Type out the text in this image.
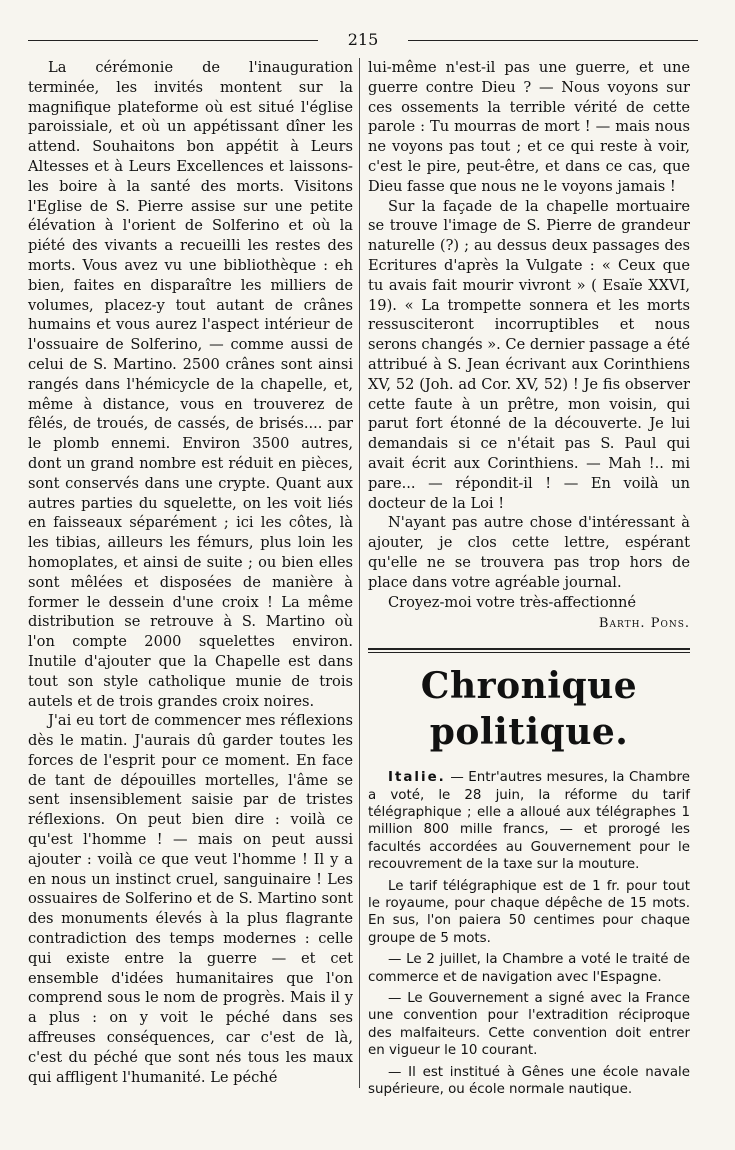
215

La cérémonie de l'inauguration terminée, les invités montent sur la magnifique plateforme où est situé l'église paroissiale, et où un appétissant dîner les attend. Souhaitons bon appétit à Leurs Altesses et à Leurs Excellences et laissons-les boire à la santé des morts. Visitons l'Eglise de S. Pierre assise sur une petite élévation à l'orient de Solferino et où la piété des vivants a recueilli les restes des morts. Vous avez vu une bibliothèque : eh bien, faites en disparaître les milliers de volumes, placez-y tout autant de crânes humains et vous aurez l'aspect intérieur de l'ossuaire de Solferino, — comme aussi de celui de S. Martino. 2500 crânes sont ainsi rangés dans l'hémicycle de la chapelle, et, même à distance, vous en trouverez de fêlés, de troués, de cassés, de brisés.... par le plomb ennemi. Environ 3500 autres, dont un grand nombre est réduit en pièces, sont conservés dans une crypte. Quant aux autres parties du squelette, on les voit liés en faisseaux séparément ; ici les côtes, là les tibias, ailleurs les fémurs, plus loin les homoplates, et ainsi de suite ; ou bien elles sont mêlées et disposées de manière à former le dessein d'une croix ! La même distribution se retrouve à S. Martino où l'on compte 2000 squelettes environ. Inutile d'ajouter que la Chapelle est dans tout son style catholique munie de trois autels et de trois grandes croix noires.

J'ai eu tort de commencer mes réflexions dès le matin. J'aurais dû garder toutes les forces de l'esprit pour ce moment. En face de tant de dépouilles mortelles, l'âme se sent insensiblement saisie par de tristes réflexions. On peut bien dire : voilà ce qu'est l'homme ! — mais on peut aussi ajouter : voilà ce que veut l'homme ! Il y a en nous un instinct cruel, sanguinaire ! Les ossuaires de Solferino et de S. Martino sont des monuments élevés à la plus flagrante contradiction des temps modernes : celle qui existe entre la guerre — et cet ensemble d'idées humanitaires que l'on comprend sous le nom de progrès. Mais il y a plus : on y voit le péché dans ses affreuses conséquences, car c'est de là, c'est du péché que sont nés tous les maux qui affligent l'humanité. Le péché

lui-même n'est-il pas une guerre, et une guerre contre Dieu ? — Nous voyons sur ces ossements la terrible vérité de cette parole : Tu mourras de mort ! — mais nous ne voyons pas tout ; et ce qui reste à voir, c'est le pire, peut-être, et dans ce cas, que Dieu fasse que nous ne le voyons jamais !

Sur la façade de la chapelle mortuaire se trouve l'image de S. Pierre de grandeur naturelle (?) ; au dessus deux passages des Ecritures d'après la Vulgate : « Ceux que tu avais fait mourir vivront » ( Esaïe XXVI, 19). « La trompette sonnera et les morts ressusciteront incorruptibles et nous serons changés ». Ce dernier passage a été attribué à S. Jean écrivant aux Corinthiens XV, 52 (Joh. ad Cor. XV, 52) ! Je fis observer cette faute à un prêtre, mon voisin, qui parut fort étonné de la découverte. Je lui demandais si ce n'était pas S. Paul qui avait écrit aux Corinthiens. — Mah !.. mi pare... — répondit-il ! — En voilà un docteur de la Loi !

N'ayant pas autre chose d'intéressant à ajouter, je clos cette lettre, espérant qu'elle ne se trouvera pas trop hors de place dans votre agréable journal.

Croyez-moi votre très-affectionné

Barth. Pons.
Chronique politique.

Italie. — Entr'autres mesures, la Chambre a voté, le 28 juin, la réforme du tarif télégraphique ; elle a alloué aux télégraphes 1 million 800 mille francs, — et prorogé les facultés accordées au Gouvernement pour le recouvrement de la taxe sur la mouture.

Le tarif télégraphique est de 1 fr. pour tout le royaume, pour chaque dépêche de 15 mots. En sus, l'on paiera 50 centimes pour chaque groupe de 5 mots.

— Le 2 juillet, la Chambre a voté le traité de commerce et de navigation avec l'Espagne.

— Le Gouvernement a signé avec la France une convention pour l'extradition réciproque des malfaiteurs. Cette convention doit entrer en vigueur le 10 courant.

— Il est institué à Gênes une école navale supérieure, ou école normale nautique.
